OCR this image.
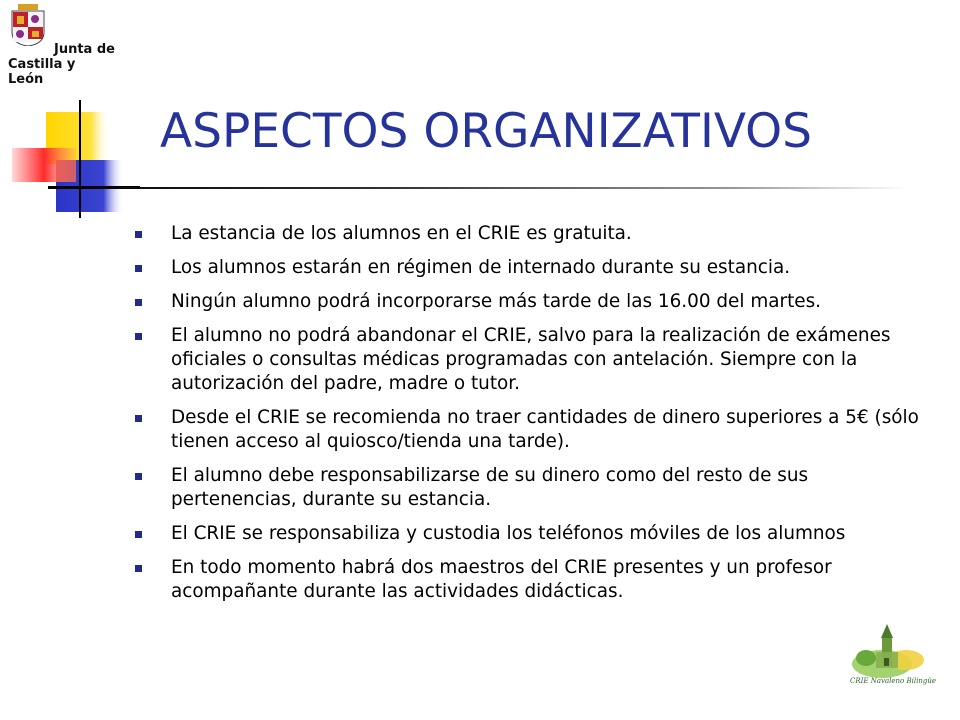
Junta de
Castilla y León
ASPECTOS ORGANIZATIVOS
La estancia de los alumnos en el CRIE es gratuita.
Los alumnos estarán en régimen de internado durante su estancia.
Ningún alumno podrá incorporarse más tarde de las 16.00 del martes.
El alumno no podrá abandonar el CRIE, salvo para la realización de exámenes oficiales o consultas médicas programadas con antelación. Siempre con la autorización del padre, madre o tutor.
Desde el CRIE se recomienda no traer cantidades de dinero superiores a 5€ (sólo tienen acceso al quiosco/tienda una tarde).
El alumno debe responsabilizarse de su dinero como del resto de sus pertenencias, durante su estancia.
El CRIE se responsabiliza y custodia los teléfonos móviles de los alumnos
En todo momento habrá dos maestros del CRIE presentes y un profesor acompañante durante las actividades didácticas.
CRIE Navaleno Bilingüe
